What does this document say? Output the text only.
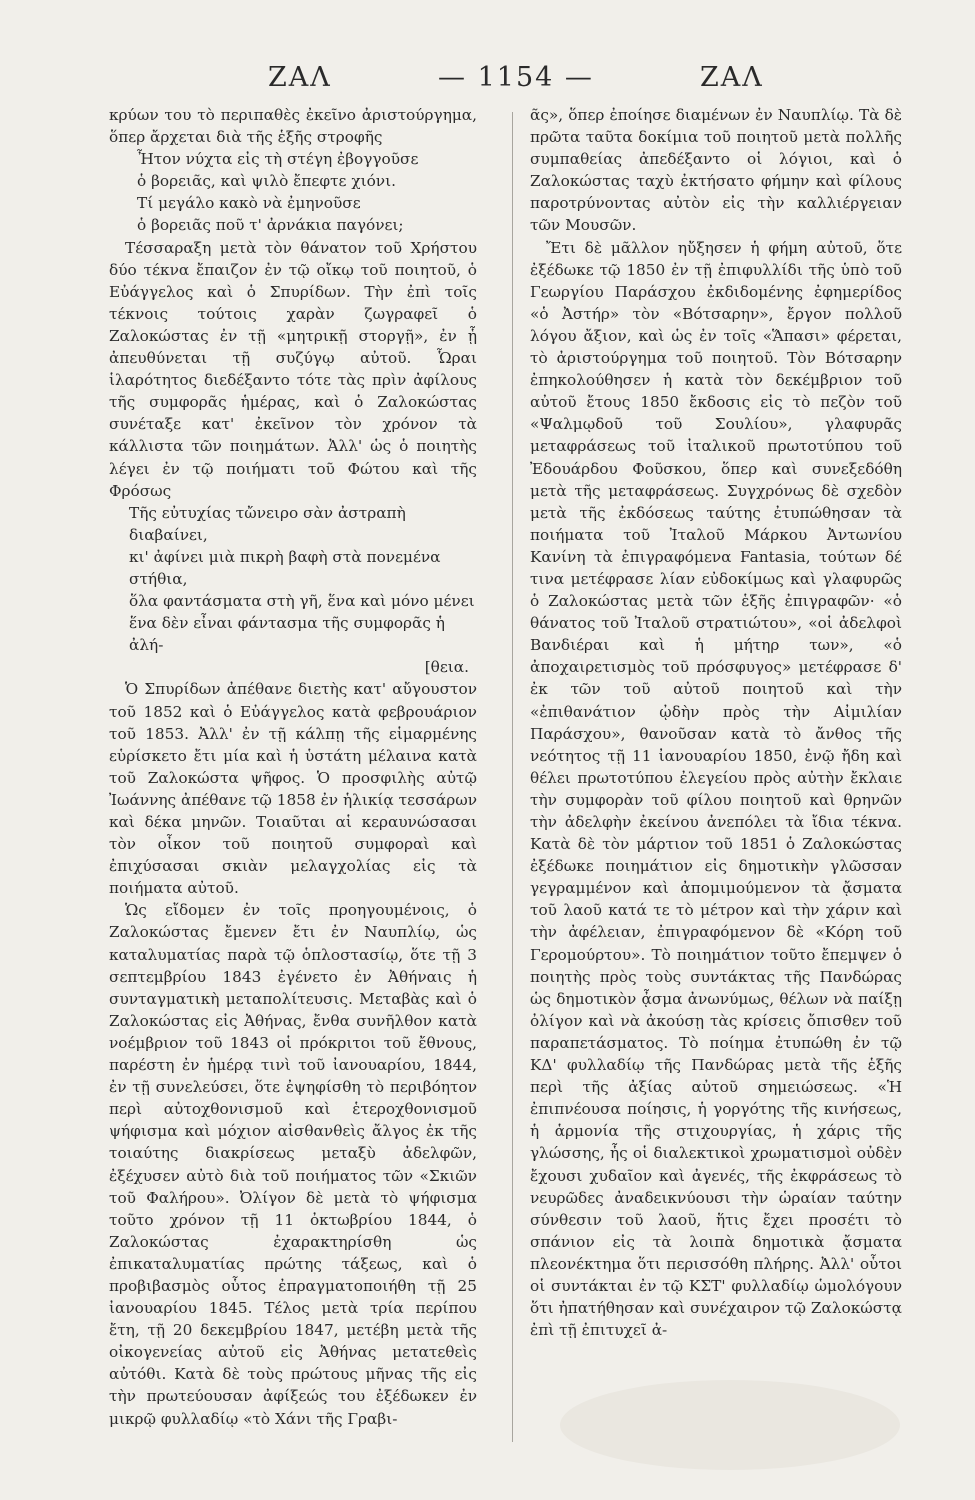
ΖΑΛ	— 1154 —	ΖΑΛ

κρύων του τὸ περιπαθὲς ἐκεῖνο ἀριστούργημα, ὅπερ ἄρχεται διὰ τῆς ἑξῆς στροφῆς

Ἦτον νύχτα εἰς τὴ στέγη ἐβογγοῦσε
ὁ βορειᾶς, καὶ ψιλὸ ἔπεφτε χιόνι.
Τί μεγάλο κακὸ νὰ ἐμηνοῦσε
ὁ βορειᾶς ποῦ τ' ἀρνάκια παγόνει;

Τέσσαραξη μετὰ τὸν θάνατον τοῦ Χρήστου δύο τέκνα ἔπαιζον ἐν τῷ οἴκῳ τοῦ ποιητοῦ, ὁ Εὐάγγελος καὶ ὁ Σπυρίδων. Τὴν ἐπὶ τοῖς τέκνοις τούτοις χαρὰν ζωγραφεῖ ὁ Ζαλοκώστας ἐν τῇ «μητρικῇ στοργῇ», ἐν ᾗ ἀπευθύνεται τῇ συζύγῳ αὐτοῦ. Ὧραι ἱλαρότητος διεδέξαντο τότε τὰς πρὶν ἀφίλους τῆς συμφορᾶς ἡμέρας, καὶ ὁ Ζαλοκώστας συνέταξε κατ' ἐκεῖνον τὸν χρόνον τὰ κάλλιστα τῶν ποιημάτων. Ἀλλ' ὡς ὁ ποιητὴς λέγει ἐν τῷ ποιήματι τοῦ Φώτου καὶ τῆς Φρόσως

Τῆς εὐτυχίας τὤνειρο σὰν ἀστραπὴ διαβαίνει,
κι' ἀφίνει μιὰ πικρὴ βαφὴ στὰ πονεμένα στήθια,
ὅλα φαντάσματα στὴ γῆ, ἕνα καὶ μόνο μένει
ἕνα δὲν εἶναι φάντασμα τῆς συμφορᾶς ἡ ἀλή-
[θεια.

Ὁ Σπυρίδων ἀπέθανε διετὴς κατ' αὔγουστον τοῦ 1852 καὶ ὁ Εὐάγγελος κατὰ φεβρουάριον τοῦ 1853. Ἀλλ' ἐν τῇ κάλπῃ τῆς εἱμαρμένης εὑρίσκετο ἔτι μία καὶ ἡ ὑστάτη μέλαινα κατὰ τοῦ Ζαλοκώστα ψῆφος. Ὁ προσφιλὴς αὐτῷ Ἰωάννης ἀπέθανε τῷ 1858 ἐν ἡλικίᾳ τεσσάρων καὶ δέκα μηνῶν. Τοιαῦται αἱ κεραυνώσασαι τὸν οἶκον τοῦ ποιητοῦ συμφοραὶ καὶ ἐπιχύσασαι σκιὰν μελαγχολίας εἰς τὰ ποιήματα αὐτοῦ.

Ὡς εἴδομεν ἐν τοῖς προηγουμένοις, ὁ Ζαλοκώστας ἔμενεν ἔτι ἐν Ναυπλίῳ, ὡς καταλυματίας παρὰ τῷ ὁπλοστασίῳ, ὅτε τῇ 3 σεπτεμβρίου 1843 ἐγένετο ἐν Ἀθήναις ἡ συνταγματικὴ μεταπολίτευσις. Μεταβὰς καὶ ὁ Ζαλοκώστας εἰς Ἀθήνας, ἔνθα συνῆλθον κατὰ νοέμβριον τοῦ 1843 οἱ πρόκριτοι τοῦ ἔθνους, παρέστη ἐν ἡμέρᾳ τινὶ τοῦ ἰανουαρίου, 1844, ἐν τῇ συνελεύσει, ὅτε ἐψηφίσθη τὸ περιβόητον περὶ αὐτοχθονισμοῦ καὶ ἑτεροχθονισμοῦ ψήφισμα καὶ μόχιον αἰσθανθεὶς ἄλγος ἐκ τῆς τοιαύτης διακρίσεως μεταξὺ ἀδελφῶν, ἐξέχυσεν αὐτὸ διὰ τοῦ ποιήματος τῶν «Σκιῶν τοῦ Φαλήρου». Ὀλίγον δὲ μετὰ τὸ ψήφισμα τοῦτο χρόνον τῇ 11 ὀκτωβρίου 1844, ὁ Ζαλοκώστας ἐχαρακτηρίσθη ὡς ἐπικαταλυματίας πρώτης τάξεως, καὶ ὁ προβιβασμὸς οὗτος ἐπραγματοποιήθη τῇ 25 ἰανουαρίου 1845. Τέλος μετὰ τρία περίπου ἔτη, τῇ 20 δεκεμβρίου 1847, μετέβη μετὰ τῆς οἰκογενείας αὐτοῦ εἰς Ἀθήνας μετατεθεὶς αὐτόθι. Κατὰ δὲ τοὺς πρώτους μῆνας τῆς εἰς τὴν πρωτεύουσαν ἀφίξεώς του ἐξέδωκεν ἐν μικρῷ φυλλαδίῳ «τὸ Χάνι τῆς Γραβι-

ᾶς», ὅπερ ἐποίησε διαμένων ἐν Ναυπλίῳ. Τὰ δὲ πρῶτα ταῦτα δοκίμια τοῦ ποιητοῦ μετὰ πολλῆς συμπαθείας ἀπεδέξαντο οἱ λόγιοι, καὶ ὁ Ζαλοκώστας ταχὺ ἐκτήσατο φήμην καὶ φίλους παροτρύνοντας αὐτὸν εἰς τὴν καλλιέργειαν τῶν Μουσῶν.

Ἔτι δὲ μᾶλλον ηὔξησεν ἡ φήμη αὐτοῦ, ὅτε ἐξέδωκε τῷ 1850 ἐν τῇ ἐπιφυλλίδι τῆς ὑπὸ τοῦ Γεωργίου Παράσχου ἐκδιδομένης ἐφημερίδος «ὁ Ἀστήρ» τὸν «Βότσαρην», ἔργον πολλοῦ λόγου ἄξιον, καὶ ὡς ἐν τοῖς «Ἅπασι» φέρεται, τὸ ἀριστούργημα τοῦ ποιητοῦ. Τὸν Βότσαρην ἐπηκολούθησεν ἡ κατὰ τὸν δεκέμβριον τοῦ αὐτοῦ ἔτους 1850 ἔκδοσις εἰς τὸ πεζὸν τοῦ «Ψαλμῳδοῦ τοῦ Σουλίου», γλαφυρᾶς μεταφράσεως τοῦ ἰταλικοῦ πρωτοτύπου τοῦ Ἐδουάρδου Φοῦσκου, ὅπερ καὶ συνεξεδόθη μετὰ τῆς μεταφράσεως. Συγχρόνως δὲ σχεδὸν μετὰ τῆς ἐκδόσεως ταύτης ἐτυπώθησαν τὰ ποιήματα τοῦ Ἰταλοῦ Μάρκου Ἀντωνίου Κανίνη τὰ ἐπιγραφόμενα Fantasia, τούτων δέ τινα μετέφρασε λίαν εὐδοκίμως καὶ γλαφυρῶς ὁ Ζαλοκώστας μετὰ τῶν ἑξῆς ἐπιγραφῶν· «ὁ θάνατος τοῦ Ἰταλοῦ στρατιώτου», «οἱ ἀδελφοὶ Βανδιέραι καὶ ἡ μήτηρ των», «ὁ ἀποχαιρετισμὸς τοῦ πρόσφυγος» μετέφρασε δ' ἐκ τῶν τοῦ αὐτοῦ ποιητοῦ καὶ τὴν «ἐπιθανάτιον ᾠδὴν πρὸς τὴν Αἰμιλίαν Παράσχου», θανοῦσαν κατὰ τὸ ἄνθος τῆς νεότητος τῇ 11 ἰανουαρίου 1850, ἐνῷ ἤδη καὶ θέλει πρωτοτύπου ἐλεγείου πρὸς αὐτὴν ἔκλαιε τὴν συμφορὰν τοῦ φίλου ποιητοῦ καὶ θρηνῶν τὴν ἀδελφὴν ἐκείνου ἀνεπόλει τὰ ἴδια τέκνα. Κατὰ δὲ τὸν μάρτιον τοῦ 1851 ὁ Ζαλοκώστας ἐξέδωκε ποιημάτιον εἰς δημοτικὴν γλῶσσαν γεγραμμένον καὶ ἀπομιμούμενον τὰ ᾄσματα τοῦ λαοῦ κατά τε τὸ μέτρον καὶ τὴν χάριν καὶ τὴν ἀφέλειαν, ἐπιγραφόμενον δὲ «Κόρη τοῦ Γερομούρτου». Τὸ ποιημάτιον τοῦτο ἔπεμψεν ὁ ποιητὴς πρὸς τοὺς συντάκτας τῆς Πανδώρας ὡς δημοτικὸν ᾆσμα ἀνωνύμως, θέλων νὰ παίξῃ ὀλίγον καὶ νὰ ἀκούσῃ τὰς κρίσεις ὄπισθεν τοῦ παραπετάσματος. Τὸ ποίημα ἐτυπώθη ἐν τῷ ΚΔ' φυλλαδίῳ τῆς Πανδώρας μετὰ τῆς ἑξῆς περὶ τῆς ἀξίας αὐτοῦ σημειώσεως. «Ἡ ἐπιπνέουσα ποίησις, ἡ γοργότης τῆς κινήσεως, ἡ ἁρμονία τῆς στιχουργίας, ἡ χάρις τῆς γλώσσης, ἧς οἱ διαλεκτικοὶ χρωματισμοὶ οὐδὲν ἔχουσι χυδαῖον καὶ ἀγενές, τῆς ἐκφράσεως τὸ νευρῶδες ἀναδεικνύουσι τὴν ὡραίαν ταύτην σύνθεσιν τοῦ λαοῦ, ἥτις ἔχει προσέτι τὸ σπάνιον εἰς τὰ λοιπὰ δημοτικὰ ᾄσματα πλεονέκτημα ὅτι περισσόθη πλήρης. Ἀλλ' οὗτοι οἱ συντάκται ἐν τῷ ΚΣΤ' φυλλαδίῳ ὡμολόγουν ὅτι ἠπατήθησαν καὶ συνέχαιρον τῷ Ζαλοκώστᾳ ἐπὶ τῇ ἐπιτυχεῖ ἀ-
